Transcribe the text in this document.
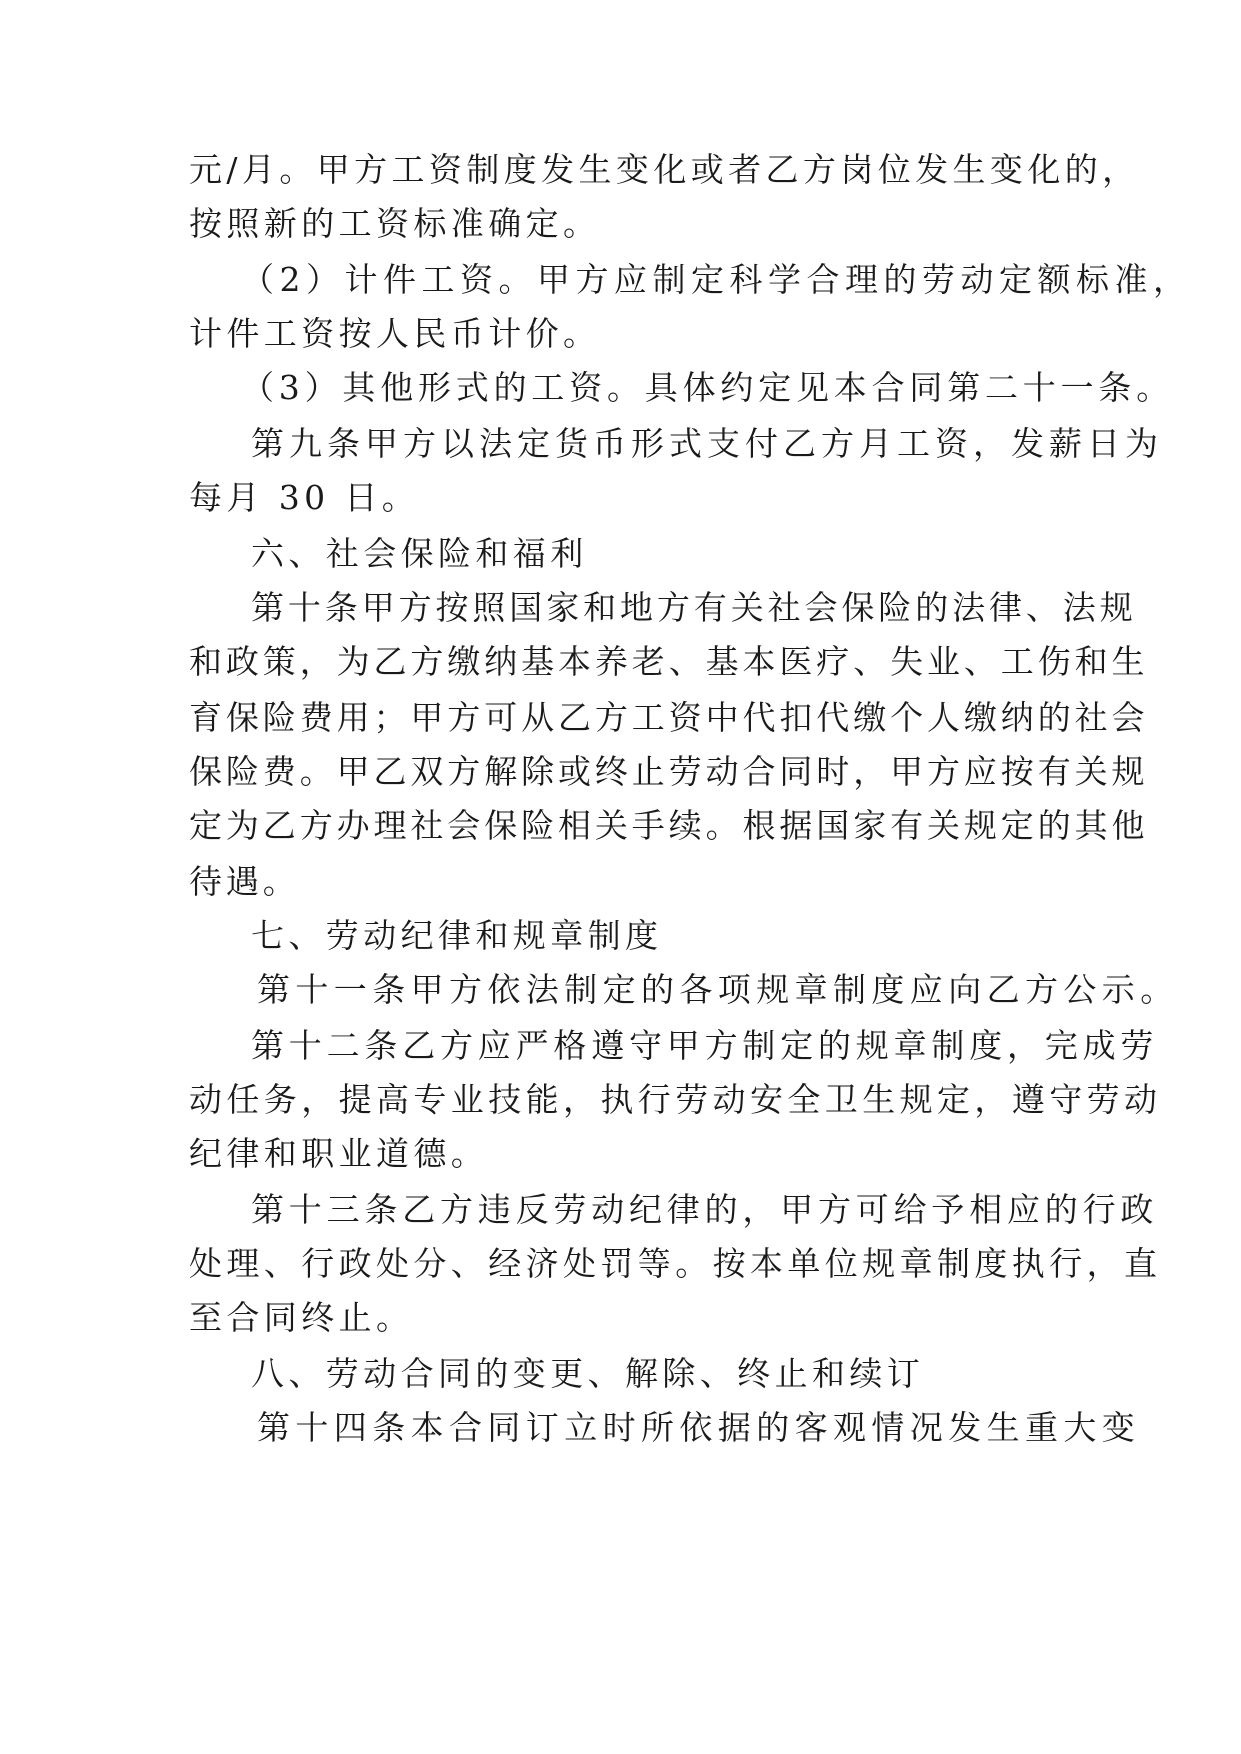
元/月。甲方工资制度发生变化或者乙方岗位发生变化的，

按照新的工资标准确定。

（2）计件工资。甲方应制定科学合理的劳动定额标准，

计件工资按人民币计价。

（3）其他形式的工资。具体约定见本合同第二十一条。

第九条甲方以法定货币形式支付乙方月工资，发薪日为

每月 30 日。

六、社会保险和福利

第十条甲方按照国家和地方有关社会保险的法律、法规

和政策，为乙方缴纳基本养老、基本医疗、失业、工伤和生

育保险费用；甲方可从乙方工资中代扣代缴个人缴纳的社会

保险费。甲乙双方解除或终止劳动合同时，甲方应按有关规

定为乙方办理社会保险相关手续。根据国家有关规定的其他

待遇。

七、劳动纪律和规章制度

第十一条甲方依法制定的各项规章制度应向乙方公示。

第十二条乙方应严格遵守甲方制定的规章制度，完成劳

动任务，提高专业技能，执行劳动安全卫生规定，遵守劳动

纪律和职业道德。

第十三条乙方违反劳动纪律的，甲方可给予相应的行政

处理、行政处分、经济处罚等。按本单位规章制度执行，直

至合同终止。

八、劳动合同的变更、解除、终止和续订

第十四条本合同订立时所依据的客观情况发生重大变
